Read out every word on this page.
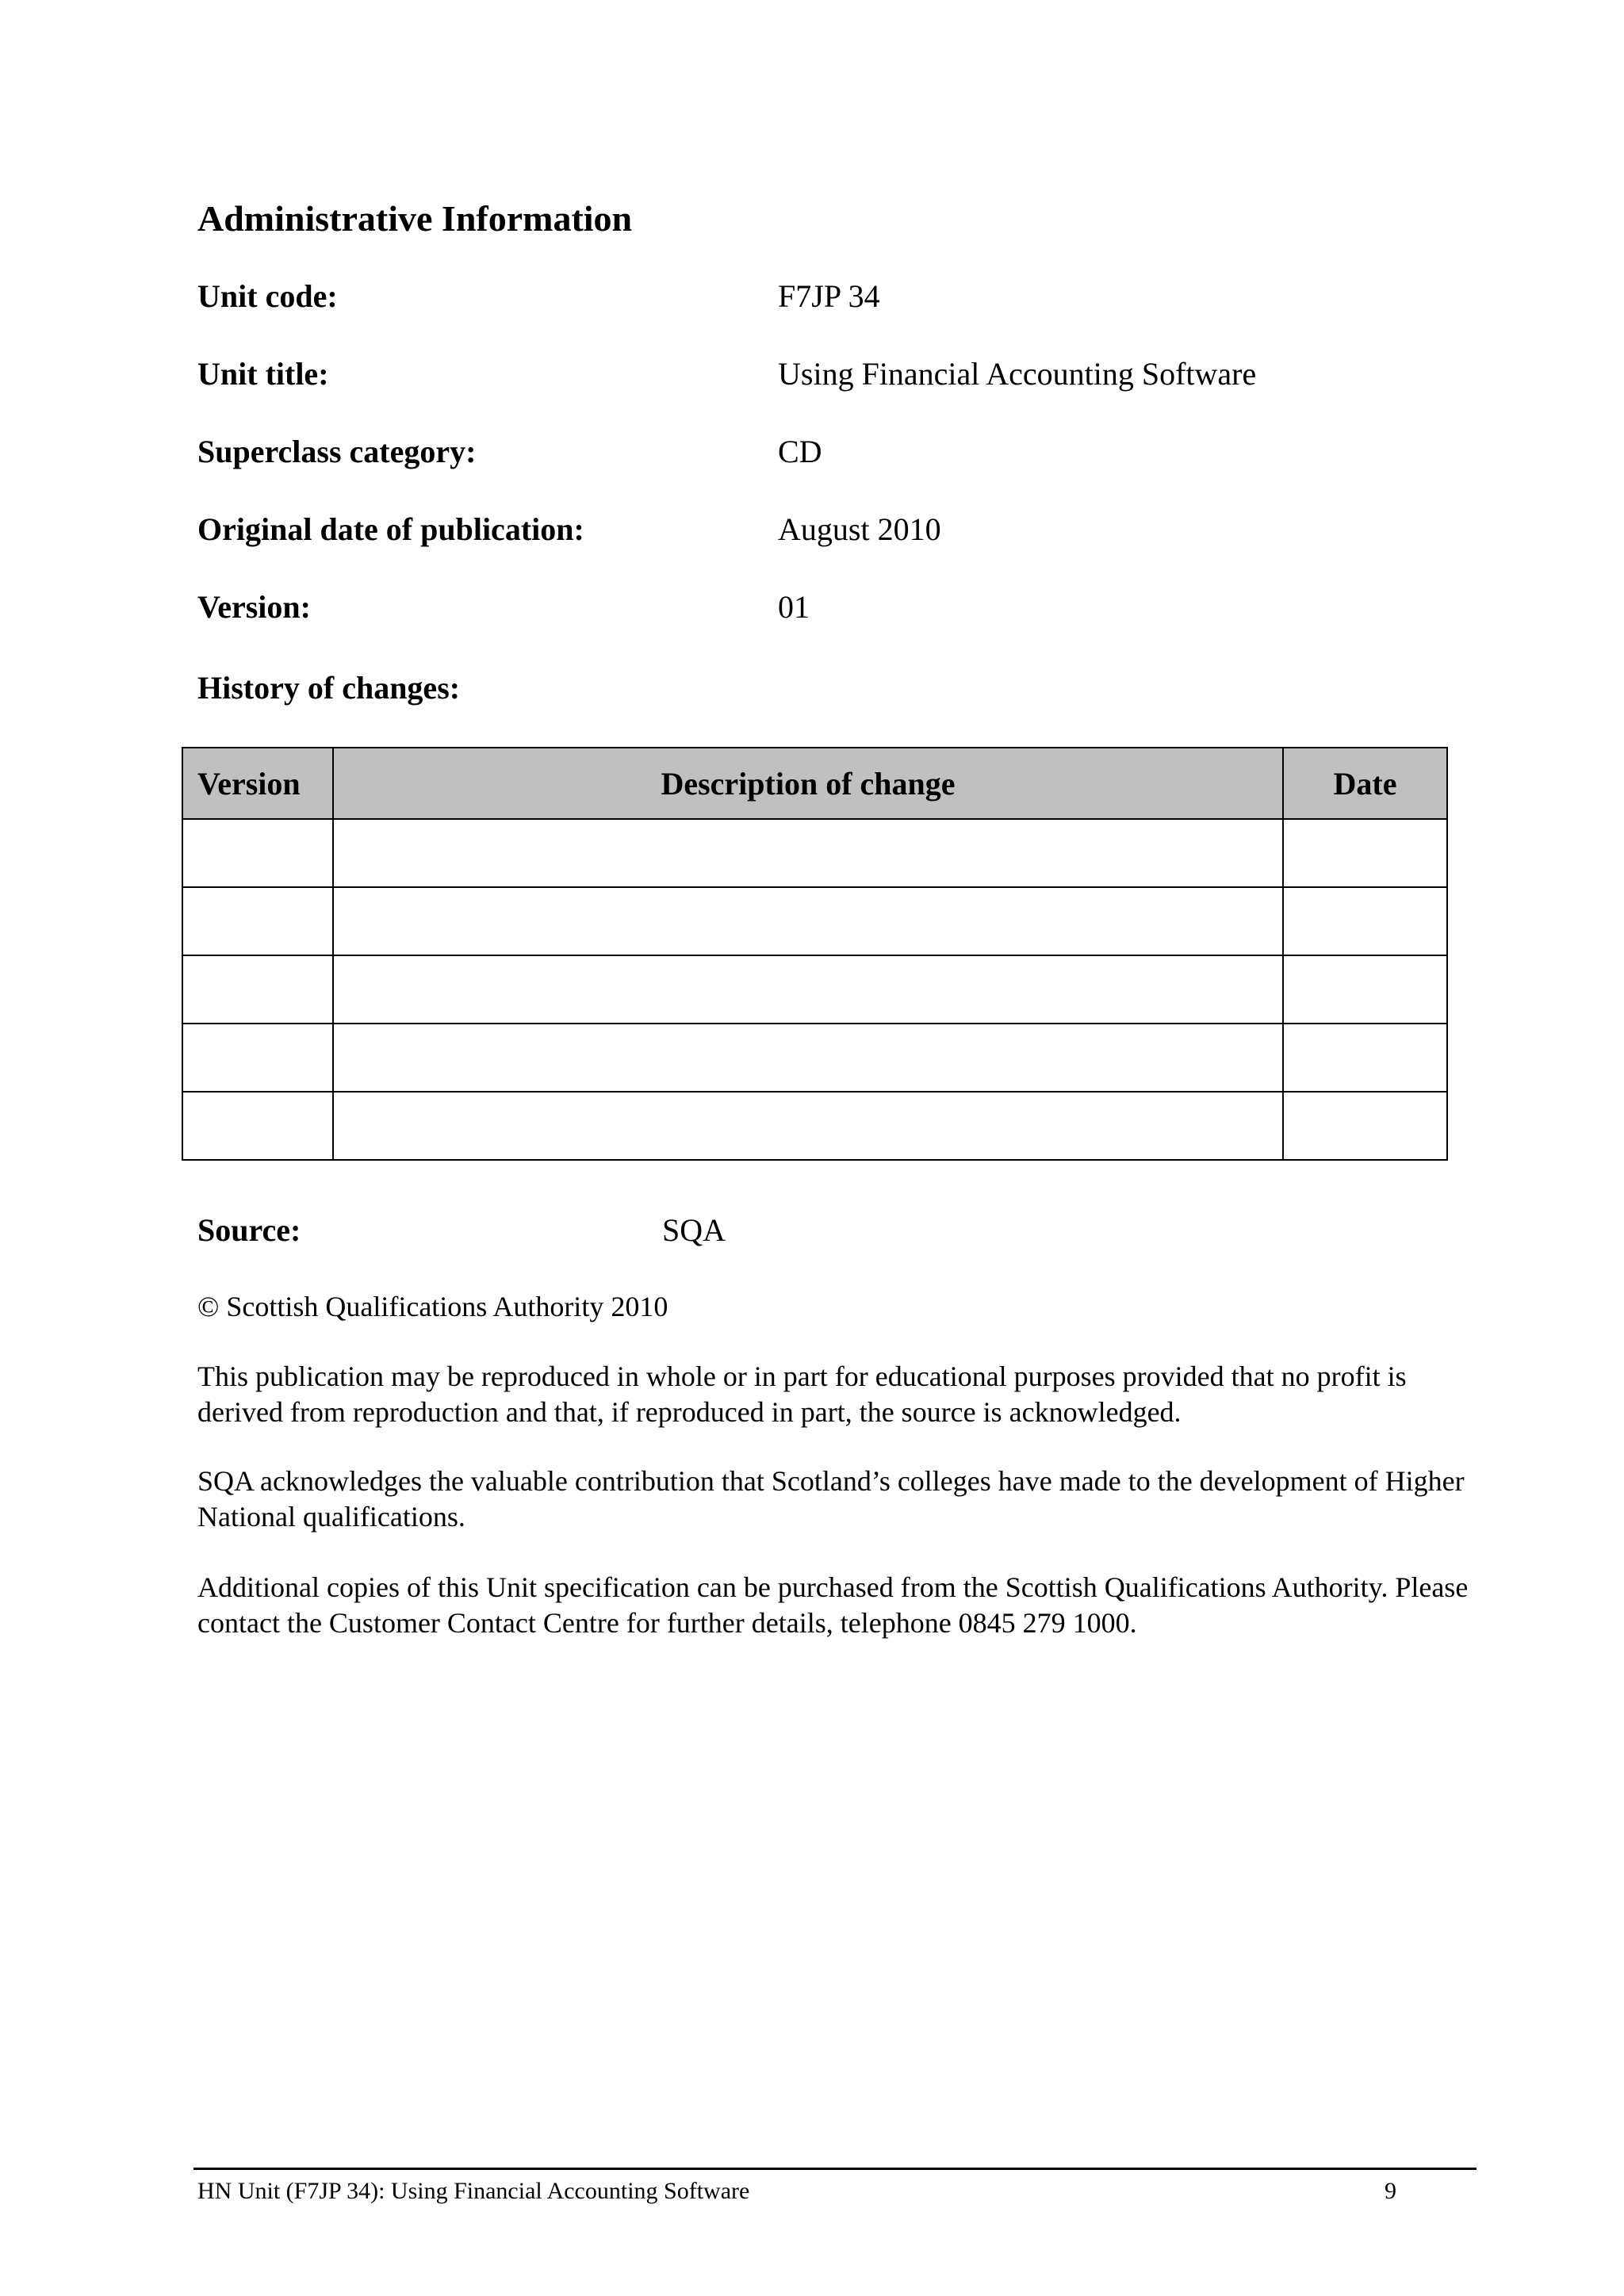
Administrative Information
Unit code:	F7JP 34
Unit title:	Using Financial Accounting Software
Superclass category:	CD
Original date of publication:	August 2010
Version:	01
History of changes:
Version	Description of change	Date

Source:	SQA

© Scottish Qualifications Authority 2010

This publication may be reproduced in whole or in part for educational purposes provided that no profit is derived from reproduction and that, if reproduced in part, the source is acknowledged.

SQA acknowledges the valuable contribution that Scotland’s colleges have made to the development of Higher National qualifications.

Additional copies of this Unit specification can be purchased from the Scottish Qualifications Authority. Please contact the Customer Contact Centre for further details, telephone 0845 279 1000.

HN Unit (F7JP 34): Using Financial Accounting Software	9
